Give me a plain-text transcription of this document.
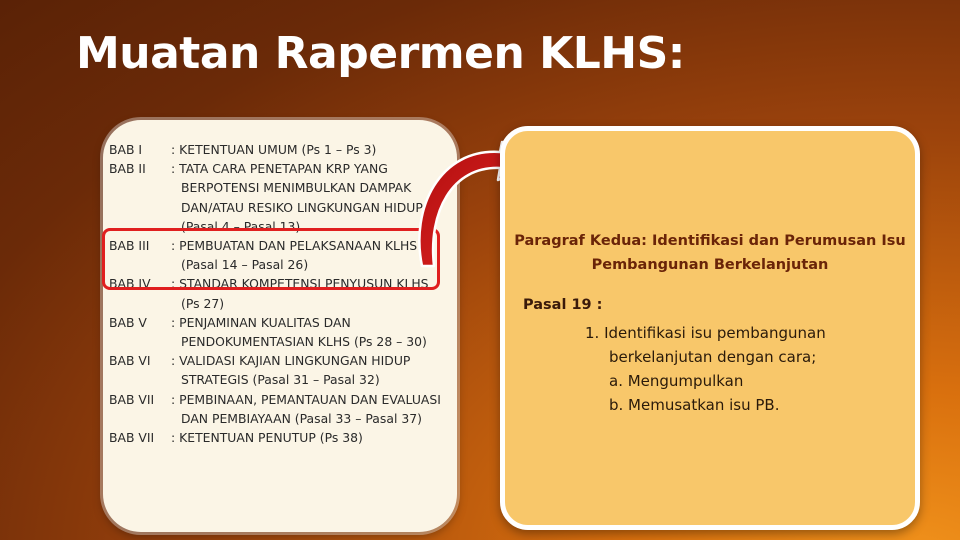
Muatan Rapermen KLHS:
BAB I	: KETENTUAN UMUM (Ps 1 – Ps 3)
BAB II	: TATA CARA PENETAPAN KRP YANG BERPOTENSI MENIMBULKAN DAMPAK DAN/ATAU RESIKO LINGKUNGAN HIDUP (Pasal 4 – Pasal 13)
BAB III	: PEMBUATAN DAN PELAKSANAAN KLHS (Pasal 14 – Pasal 26)
BAB IV	: STANDAR KOMPETENSI PENYUSUN KLHS (Ps 27)
BAB V	: PENJAMINAN KUALITAS DAN PENDOKUMENTASIAN KLHS (Ps 28 – 30)
BAB VI	: VALIDASI KAJIAN LINGKUNGAN HIDUP STRATEGIS (Pasal 31 – Pasal 32)
BAB VII	: PEMBINAAN, PEMANTAUAN DAN EVALUASI DAN PEMBIAYAAN (Pasal 33 – Pasal 37)
BAB VII	: KETENTUAN PENUTUP (Ps 38)

Paragraf Kedua: Identifikasi dan Perumusan Isu Pembangunan Berkelanjutan

Pasal 19 :

1. Identifikasi isu pembangunan
berkelanjutan dengan cara;
a. Mengumpulkan
b. Memusatkan isu PB.
